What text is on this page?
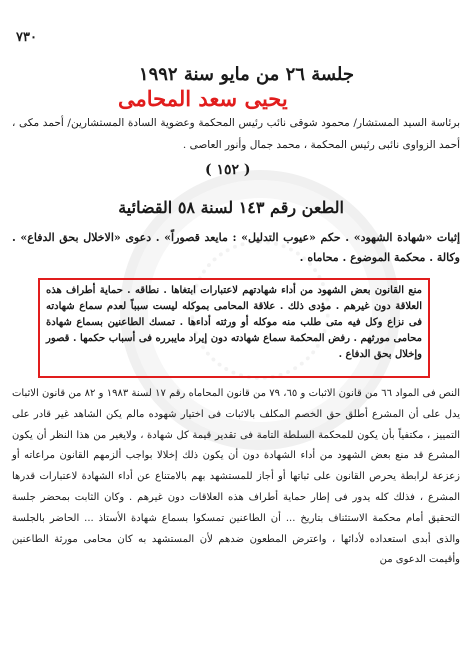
٧٣٠
جلسة ٢٦ من مايو سنة ١٩٩٢
يحيى سعد المحامى
برئاسة السيد المستشار/ محمود شوقى نائب رئيس المحكمة وعضوية السادة المستشارين/ أحمد مكى ، أحمد الزواوى نائبى رئيس المحكمة ، محمد جمال وأنور العاصى .
( ١٥٢ )
الطعن رقم ١٤٣ لسنة ٥٨ القضائية
إثبات «شهادة الشهود» . حكم «عيوب التدليل» : مايعد قصوراً» . دعوى «الاخلال بحق الدفاع» . وكالة . محكمة الموضوع . محاماه .

منع القانون بعض الشهود من أداء شهادتهم لاعتبارات ابتغاها . نطاقه . حماية أطراف هذه العلاقة دون غيرهم . مؤدى ذلك . علاقة المحامى بموكله ليست سبباً لعدم سماع شهادته فى نزاع وكل فيه متى طلب منه موكله أو ورثته أداءها . تمسك الطاعنين بسماع شهادة محامى مورثهم . رفض المحكمة سماع شهادته دون إيراد مايبرره فى أسباب حكمها . قصور وإخلال بحق الدفاع .

النص فى المواد ٦٦ من قانون الاثبات و ٦٥، ٧٩ من قانون المحاماه رقم ١٧ لسنة ١٩٨٣ و ٨٢ من قانون الاثبات يدل على أن المشرع أطلق حق الخصم المكلف بالاثبات فى اختيار شهوده مالم يكن الشاهد غير قادر على التمييز ، مكتفياً بأن يكون للمحكمة السلطة التامة فى تقدير قيمة كل شهادة ، ولايغير من هذا النظر أن يكون المشرع قد منع بعض الشهود من أداء الشهادة دون أن يكون ذلك إخلالا بواجب ألزمهم القانون مراعاته أو زعزعة لرابطة يحرص القانون على ثباتها أو أجاز للمستشهد بهم بالامتناع عن أداء الشهادة لاعتبارات قدرها المشرع ، فذلك كله يدور فى إطار حماية أطراف هذه العلاقات دون غيرهم . وكان الثابت بمحضر جلسة التحقيق أمام محكمة الاستئناف بتاريخ ... أن الطاعنين تمسكوا بسماع شهادة الأستاذ ... الحاضر بالجلسة والذى أبدى استعداده لأدائها ، واعترض المطعون ضدهم لأن المستشهد به كان محامى مورثة الطاعنين وأقيمت الدعوى من
